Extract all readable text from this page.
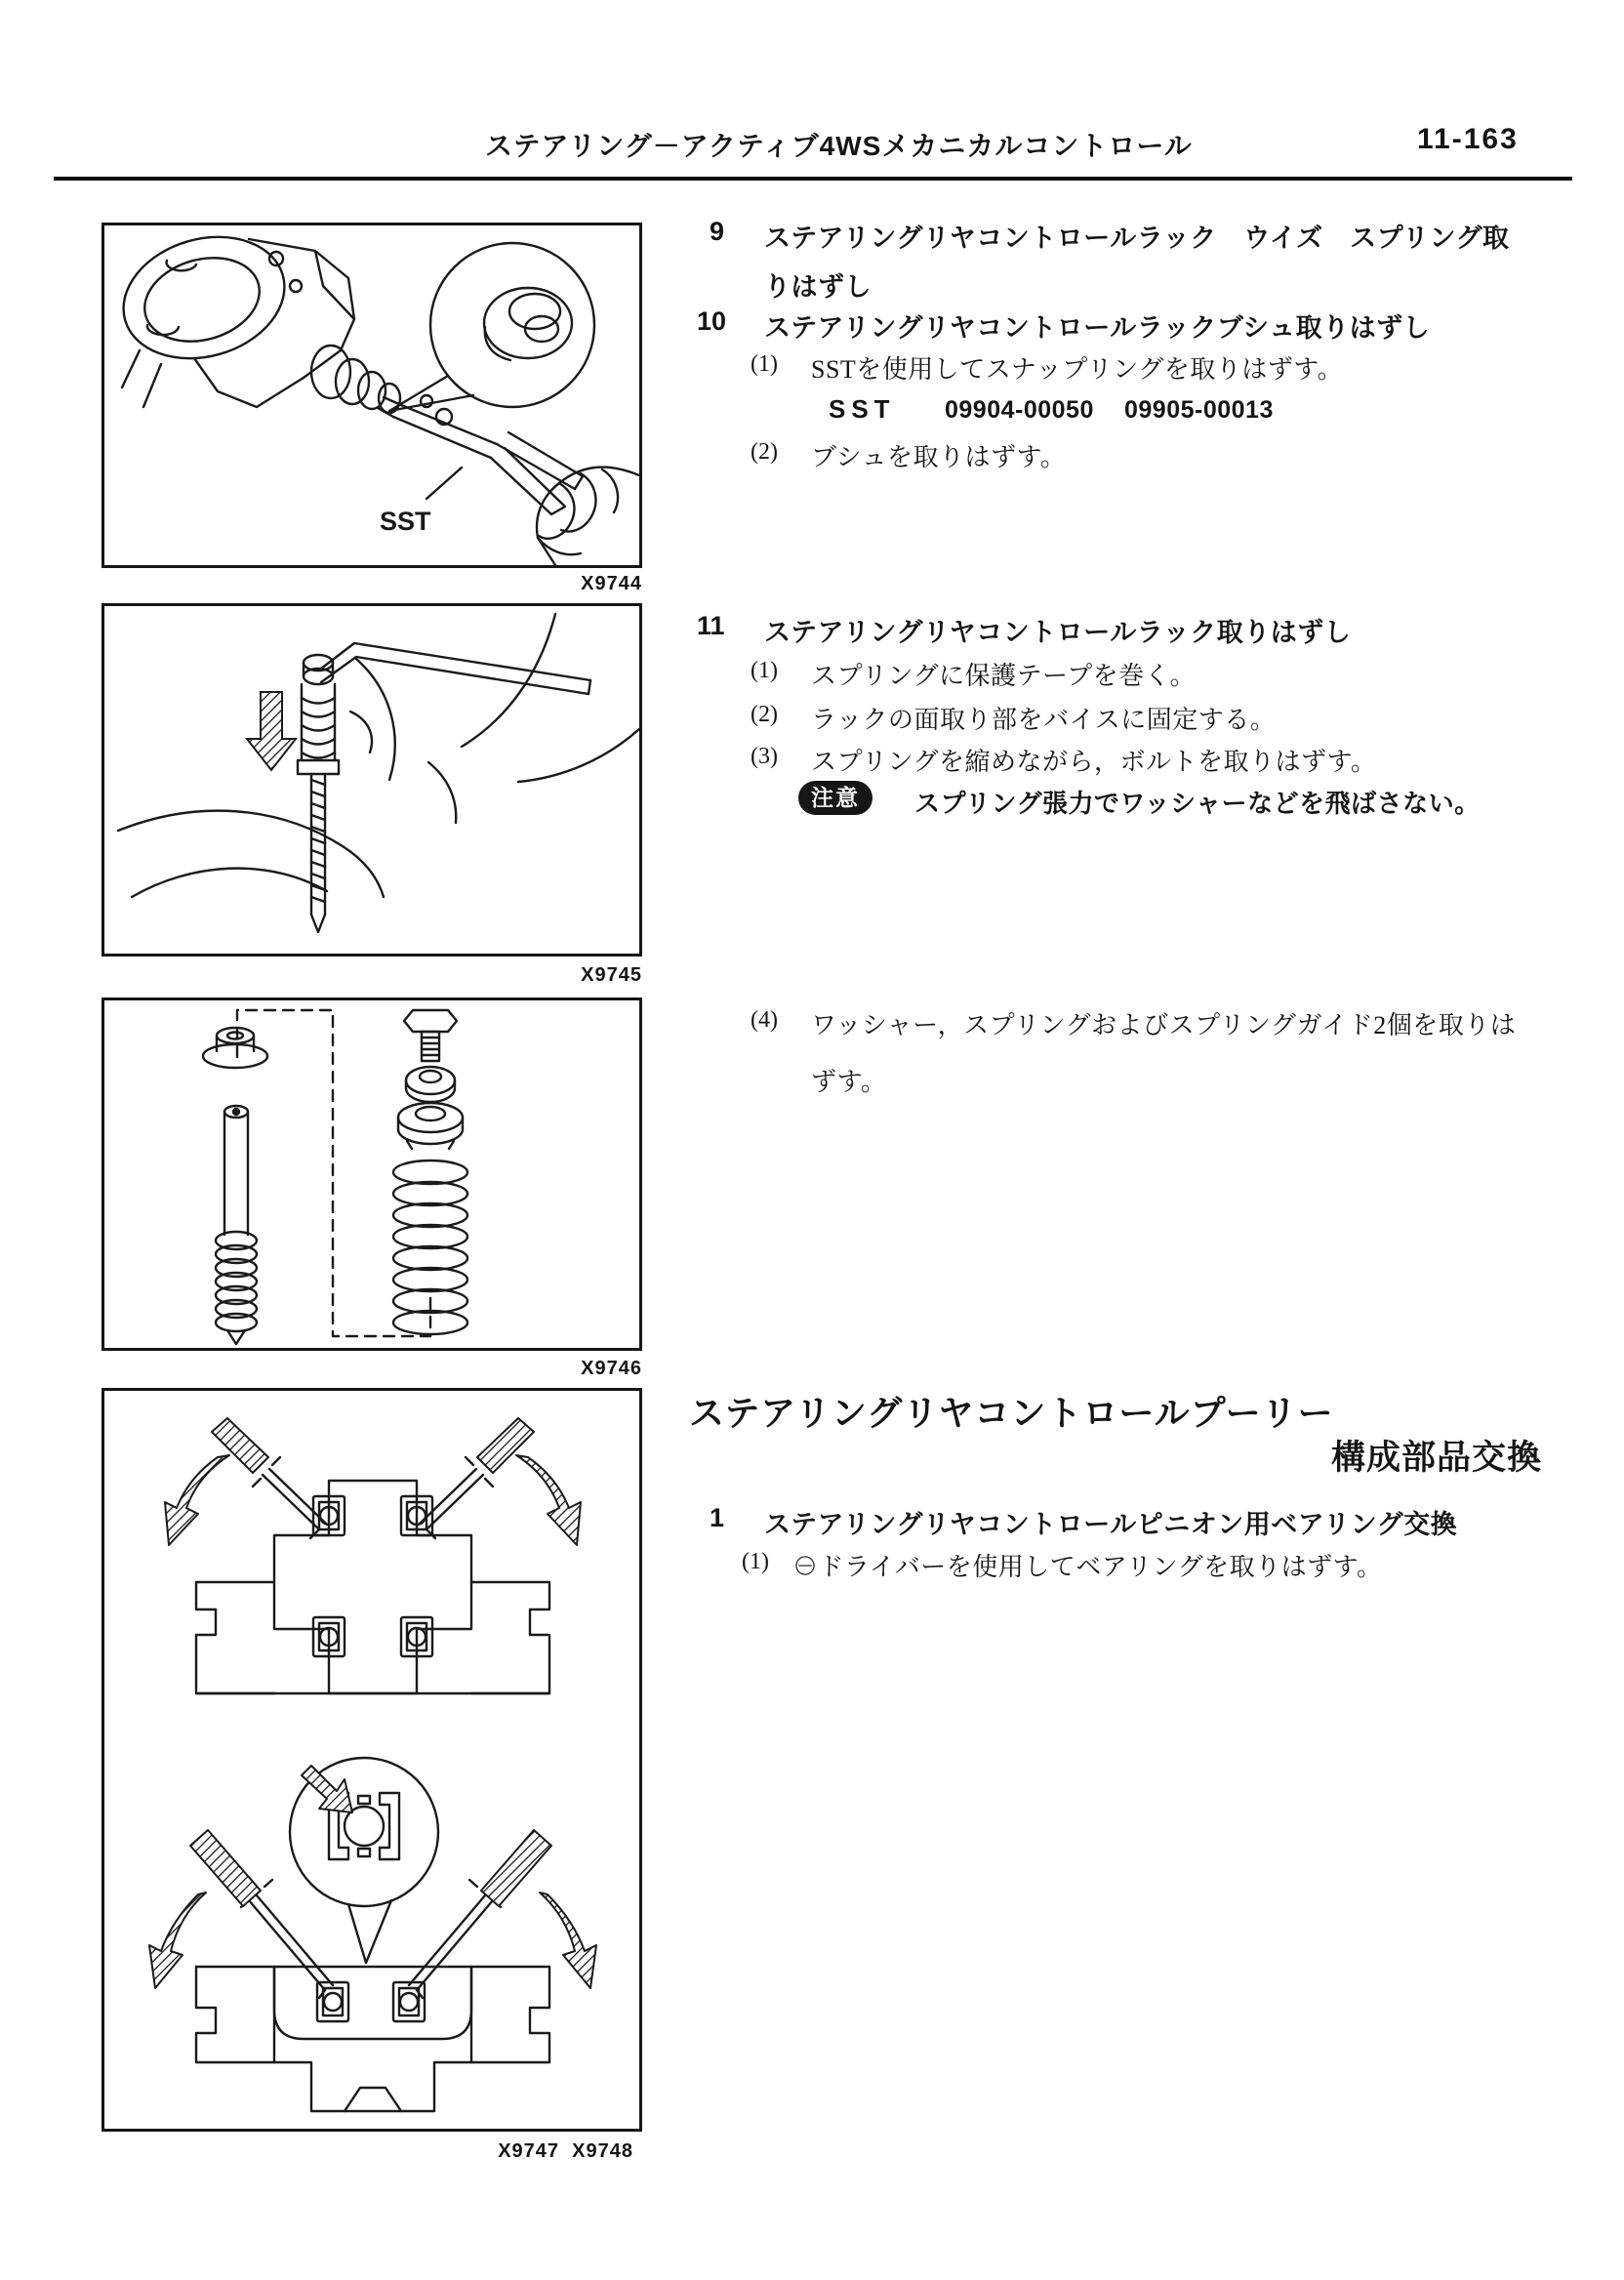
ステアリング－アクティブ4WSメカニカルコントロール	11-163
SST
X9744
X9745
X9746
X9747  X9748
9 ステアリングリヤコントロールラック　ウイズ　スプリング取
りはずし
10 ステアリングリヤコントロールラックブシュ取りはずし
(1) SSTを使用してスナップリングを取りはずす。
SST 09904-00050 09905-00013
(2) ブシュを取りはずす。
11 ステアリングリヤコントロールラック取りはずし
(1) スプリングに保護テープを巻く。
(2) ラックの面取り部をバイスに固定する。
(3) スプリングを縮めながら，ボルトを取りはずす。
注意	スプリング張力でワッシャーなどを飛ばさない。
(4) ワッシャー，スプリングおよびスプリングガイド2個を取りは
ずす。
ステアリングリヤコントロールプーリー
構成部品交換
1 ステアリングリヤコントロールピニオン用ベアリング交換
(1) ⊖ドライバーを使用してベアリングを取りはずす。
